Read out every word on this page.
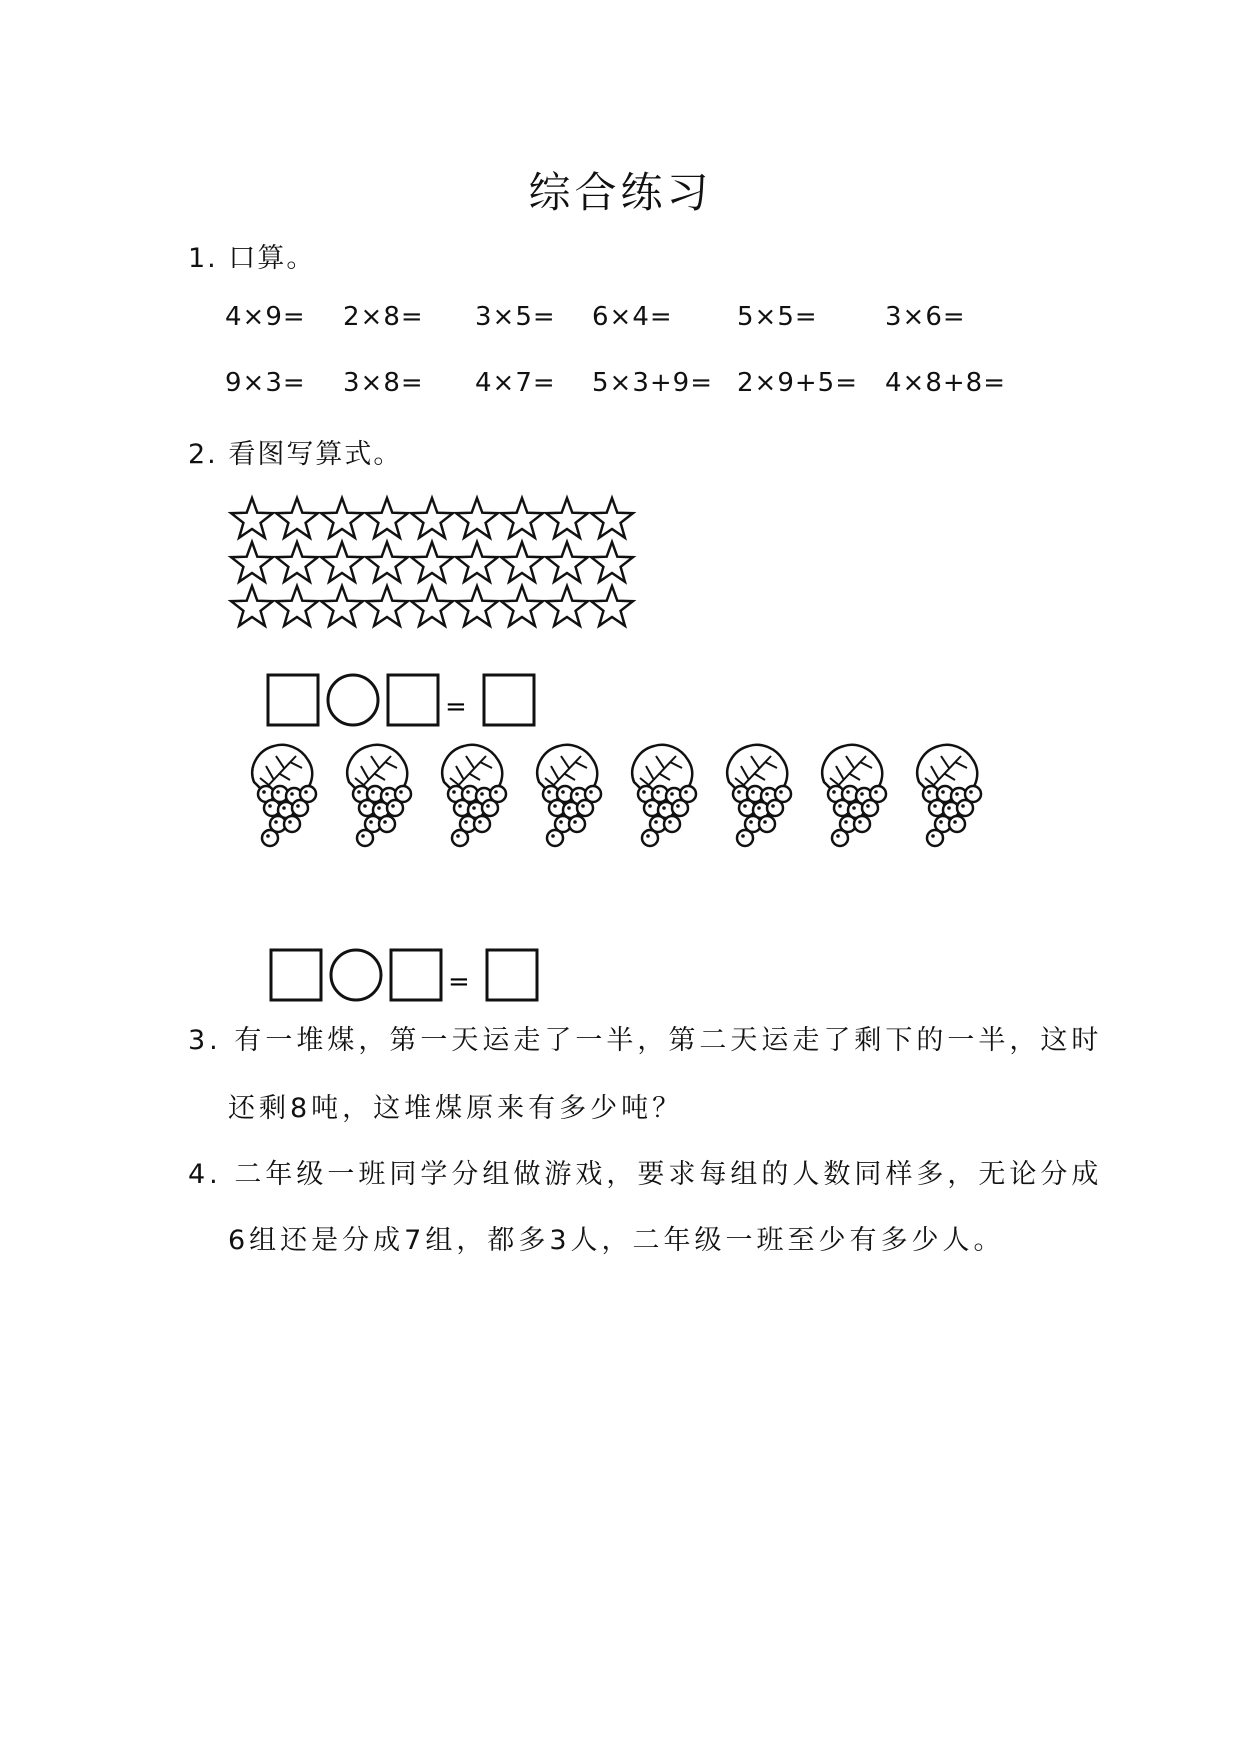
综合练习
1. 口算。
4×9= 2×8= 3×5= 6×4= 5×5=	3×6=
9×3= 3×8= 4×7= 5×3+9= 2×9+5= 4×8+8=
2. 看图写算式。
=
=
3. 有一堆煤，第一天运走了一半，第二天运走了剩下的一半，这时
还剩8吨，这堆煤原来有多少吨？
4. 二年级一班同学分组做游戏，要求每组的人数同样多，无论分成
6组还是分成7组，都多3人，二年级一班至少有多少人。
